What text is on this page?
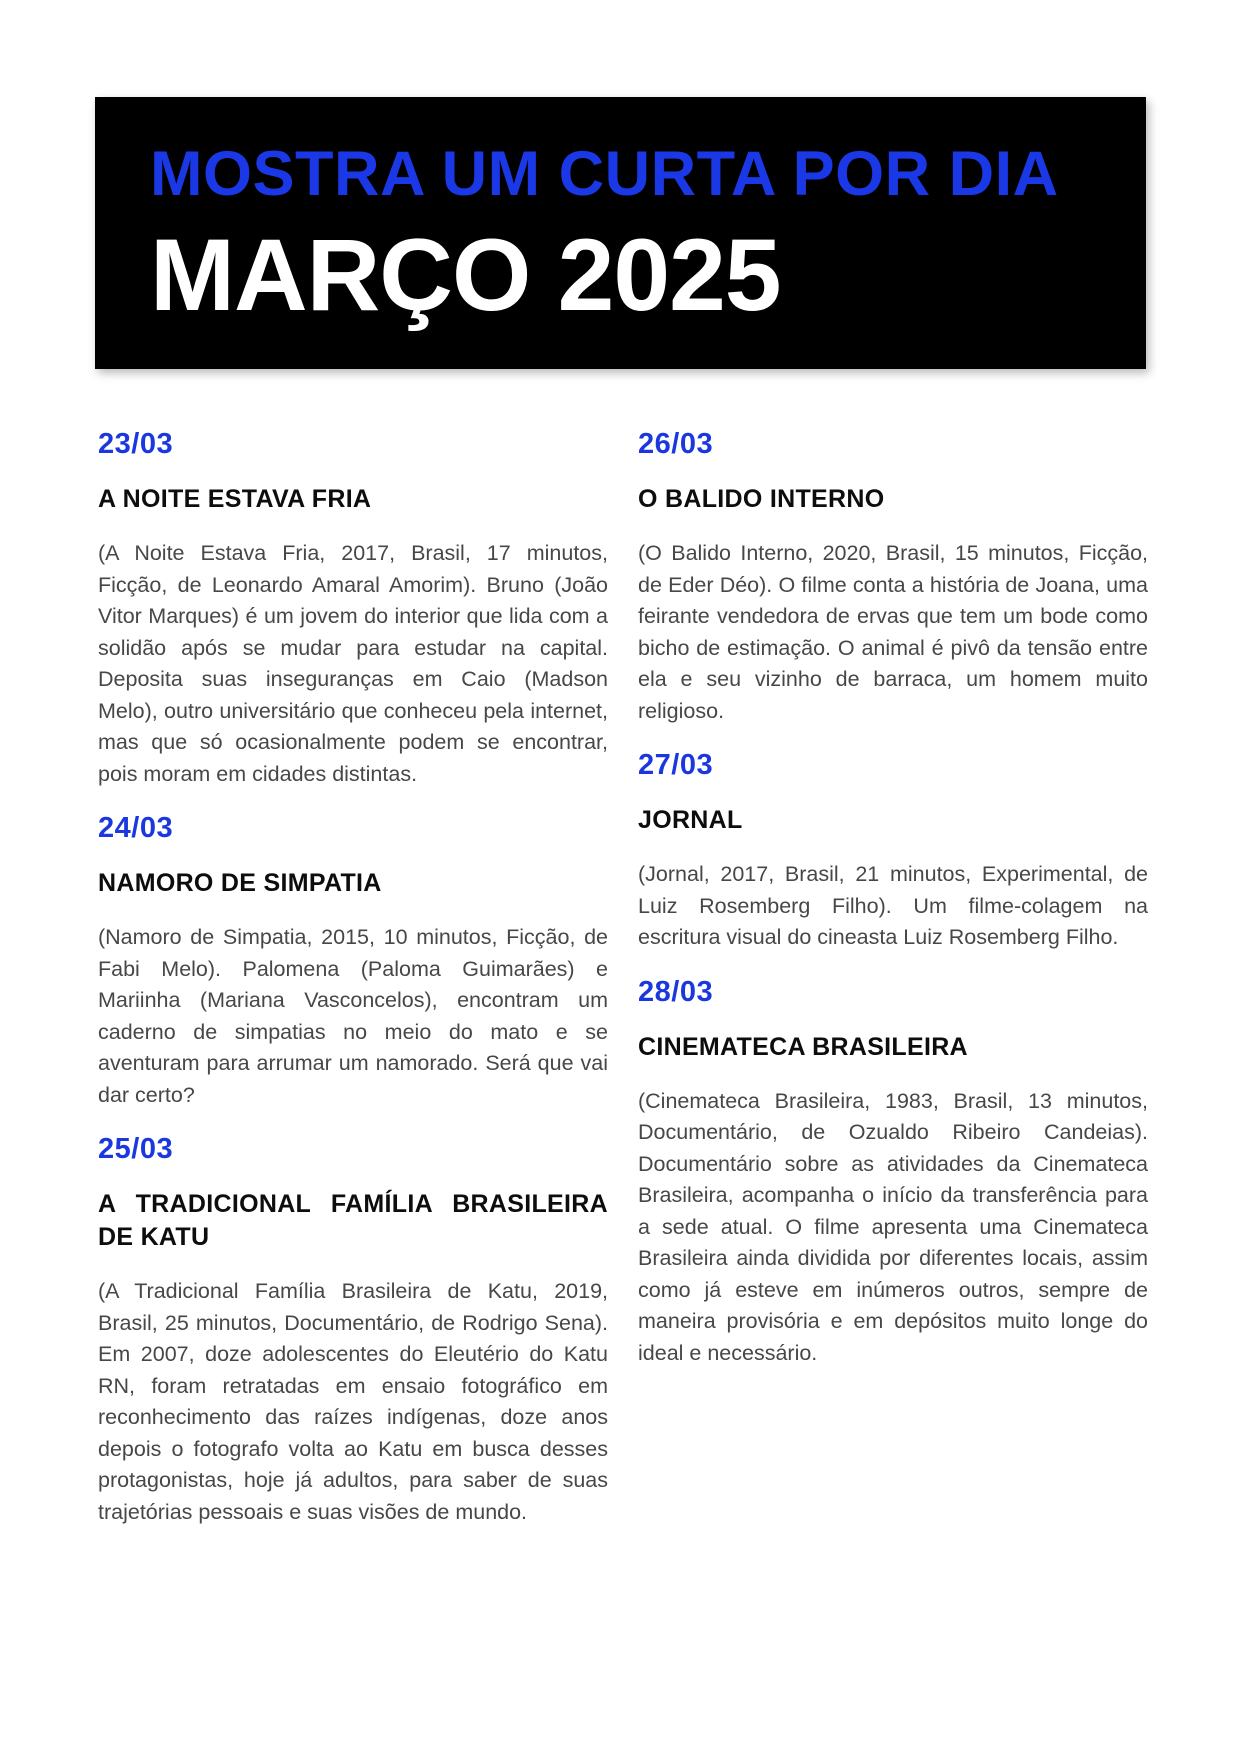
MOSTRA UM CURTA POR DIA
MARÇO 2025
23/03
A NOITE ESTAVA FRIA

(A Noite Estava Fria, 2017, Brasil, 17 minutos, Ficção, de Leonardo Amaral Amorim). Bruno (João Vitor Marques) é um jovem do interior que lida com a solidão após se mudar para estudar na capital. Deposita suas inseguranças em Caio (Madson Melo), outro universitário que conheceu pela internet, mas que só ocasionalmente podem se encontrar, pois moram em cidades distintas.

24/03
NAMORO DE SIMPATIA

(Namoro de Simpatia, 2015, 10 minutos, Ficção, de Fabi Melo). Palomena (Paloma Guimarães) e Mariinha (Mariana Vasconcelos), encontram um caderno de simpatias no meio do mato e se aventuram para arrumar um namorado. Será que vai dar certo?

25/03
A TRADICIONAL FAMÍLIA BRASILEIRA DE KATU

(A Tradicional Família Brasileira de Katu, 2019, Brasil, 25 minutos, Documentário, de Rodrigo Sena). Em 2007, doze adolescentes do Eleutério do Katu RN, foram retratadas em ensaio fotográfico em reconhecimento das raízes indígenas, doze anos depois o fotografo volta ao Katu em busca desses protagonistas, hoje já adultos, para saber de suas trajetórias pessoais e suas visões de mundo.

26/03
O BALIDO INTERNO

(O Balido Interno, 2020, Brasil, 15 minutos, Ficção, de Eder Déo). O filme conta a história de Joana, uma feirante vendedora de ervas que tem um bode como bicho de estimação. O animal é pivô da tensão entre ela e seu vizinho de barraca, um homem muito religioso.

27/03
JORNAL

(Jornal, 2017, Brasil, 21 minutos, Experimental, de Luiz Rosemberg Filho). Um filme-colagem na escritura visual do cineasta Luiz Rosemberg Filho.

28/03
CINEMATECA BRASILEIRA

(Cinemateca Brasileira, 1983, Brasil, 13 minutos, Documentário, de Ozualdo Ribeiro Candeias). Documentário sobre as atividades da Cinemateca Brasileira, acompanha o início da transferência para a sede atual. O filme apresenta uma Cinemateca Brasileira ainda dividida por diferentes locais, assim como já esteve em inúmeros outros, sempre de maneira provisória e em depósitos muito longe do ideal e necessário.
